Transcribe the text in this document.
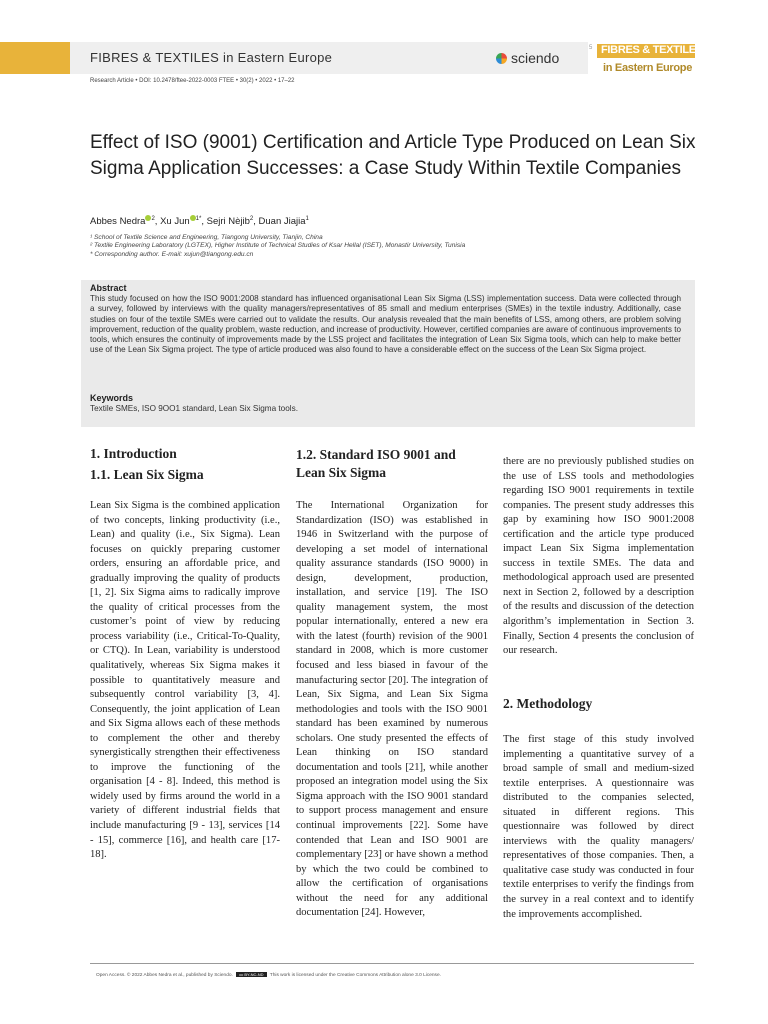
FIBRES & TEXTILES in Eastern Europe	sciendo
5 FIBRES & TEXTILES
in Eastern Europe
Research Article • DOI: 10.2478/ftee-2022-0003 FTEE • 30(2) • 2022 • 17–22
Effect of ISO (9001) Certification and Article Type Produced on Lean Six Sigma Application Successes: a Case Study Within Textile Companies
Abbes Nedra $^2$, Xu Jun $^{1*}$, Sejri Nèjib$^2$, Duan Jiajia$^1$
¹ School of Textile Science and Engineering, Tiangong University, Tianjin, China
² Textile Engineering Laboratory (LGTEX), Higher Institute of Technical Studies of Ksar Hellal (ISET), Monastir University, Tunisia
* Corresponding author. E-mail: xujun@tiangong.edu.cn
Abstract
This study focused on how the ISO 9001:2008 standard has influenced organisational Lean Six Sigma (LSS) implementation success. Data were collected through a survey, followed by interviews with the quality managers/representatives of 85 small and medium enterprises (SMEs) in the textile industry. Additionally, case studies on four of the textile SMEs were carried out to validate the results. Our analysis revealed that the main benefits of LSS, among others, are problem solving improvement, reduction of the quality problem, waste reduction, and increase of productivity. However, certified companies are aware of continuous improvements to tools, which ensures the continuity of improvements made by the LSS project and facilitates the integration of Lean Six Sigma tools, which can help to make better use of the Lean Six Sigma project. The type of article produced was also found to have a considerable effect on the success of the Lean Six Sigma project.
Keywords
Textile SMEs, ISO 9OO1 standard, Lean Six Sigma tools.
1. Introduction
1.1. Lean Six Sigma
Lean Six Sigma is the combined application of two concepts, linking productivity (i.e., Lean) and quality (i.e., Six Sigma). Lean focuses on quickly preparing customer orders, ensuring an affordable price, and gradually improving the quality of products [1, 2]. Six Sigma aims to radically improve the quality of critical processes from the customer’s point of view by reducing process variability (i.e., Critical-To-Quality, or CTQ). In Lean, variability is understood qualitatively, whereas Six Sigma makes it possible to quantitatively measure and subsequently control variability [3, 4]. Consequently, the joint application of Lean and Six Sigma allows each of these methods to complement the other and thereby synergistically strengthen their effectiveness to improve the functioning of the organisation [4 - 8]. Indeed, this method is widely used by firms around the world in a variety of different industrial fields that include manufacturing [9 - 13], services [14 - 15], commerce [16], and health care [17-18].
1.2. Standard ISO 9001 and Lean Six Sigma
The International Organization for Standardization (ISO) was established in 1946 in Switzerland with the purpose of developing a set model of international quality assurance standards (ISO 9000) in design, development, production, installation, and service [19]. The ISO quality management system, the most popular internationally, entered a new era with the latest (fourth) revision of the 9001 standard in 2008, which is more customer focused and less biased in favour of the manufacturing sector [20]. The integration of Lean, Six Sigma, and Lean Six Sigma methodologies and tools with the ISO 9001 standard has been examined by numerous scholars. One study presented the effects of Lean thinking on ISO standard documentation and tools [21], while another proposed an integration model using the Six Sigma approach with the ISO 9001 standard to support process management and ensure continual improvements [22]. Some have contended that Lean and ISO 9001 are complementary [23] or have shown a method by which the two could be combined to allow the certification of organisations without the need for any additional documentation [24]. However,
there are no previously published studies on the use of LSS tools and methodologies regarding ISO 9001 requirements in textile companies. The present study addresses this gap by examining how ISO 9001:2008 certification and the article type produced impact Lean Six Sigma implementation success in textile SMEs. The data and methodological approach used are presented next in Section 2, followed by a description of the results and discussion of the detection algorithm’s implementation in Section 3. Finally, Section 4 presents the conclusion of our research.
2. Methodology
The first stage of this study involved implementing a quantitative survey of a broad sample of small and medium-sized textile enterprises. A questionnaire was distributed to the companies selected, situated in different regions. This questionnaire was followed by direct interviews with the quality managers/ representatives of those companies. Then, a qualitative case study was conducted in four textile enterprises to verify the findings from the survey in a real context and to identify the improvements accomplished.
Open Access. © 2022 Abbes Nedra et al., published by Sciendo. cc BY-NC-ND This work is licensed under the Creative Commons Attribution alone 3.0 License.
